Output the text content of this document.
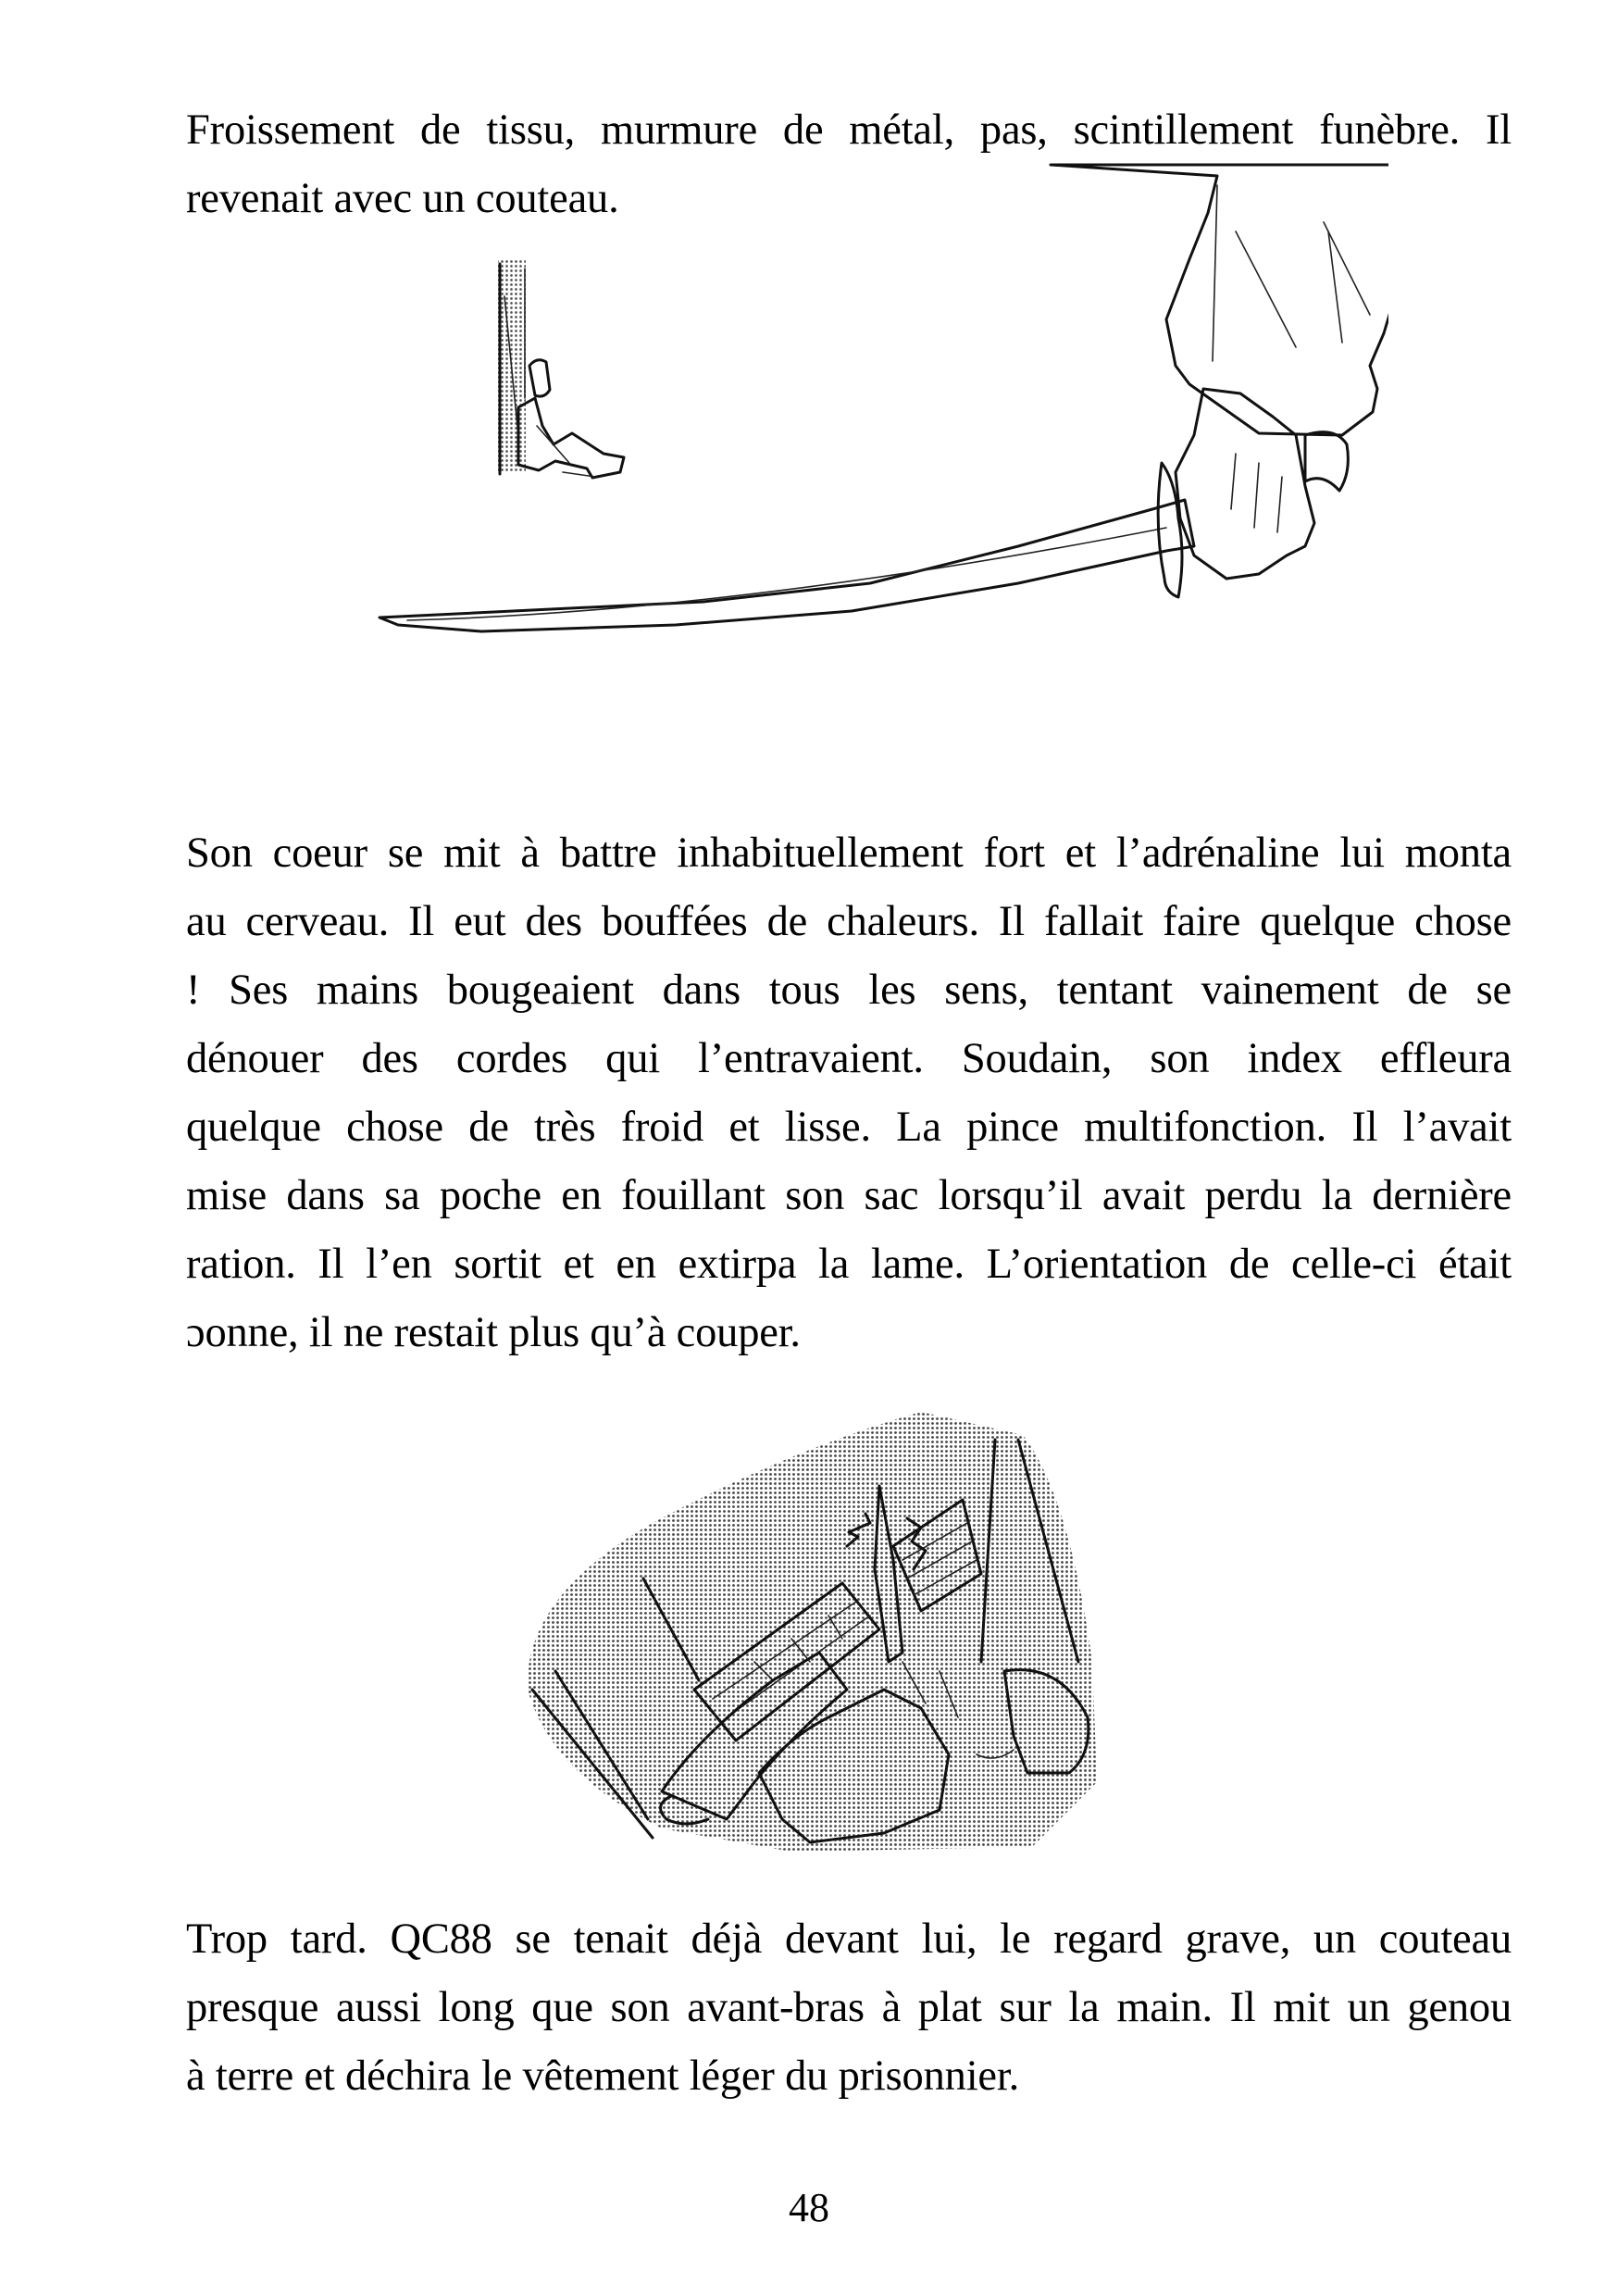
Froissement de tissu, murmure de métal, pas, scintillement funèbre. Il
revenait avec un couteau.
Son coeur se mit à battre inhabituellement fort et l’adrénaline lui monta
au cerveau. Il eut des bouffées de chaleurs. Il fallait faire quelque chose
! Ses mains bougeaient dans tous les sens, tentant vainement de se
dénouer des cordes qui l’entravaient. Soudain, son index effleura
quelque chose de très froid et lisse. La pince multifonction. Il l’avait
mise dans sa poche en fouillant son sac lorsqu’il avait perdu la dernière
ration. Il l’en sortit et en extirpa la lame. L’orientation de celle-ci était
ɔonne, il ne restait plus qu’à couper.
Trop tard. QC88 se tenait déjà devant lui, le regard grave, un couteau
presque aussi long que son avant-bras à plat sur la main. Il mit un genou
à terre et déchira le vêtement léger du prisonnier.
48
